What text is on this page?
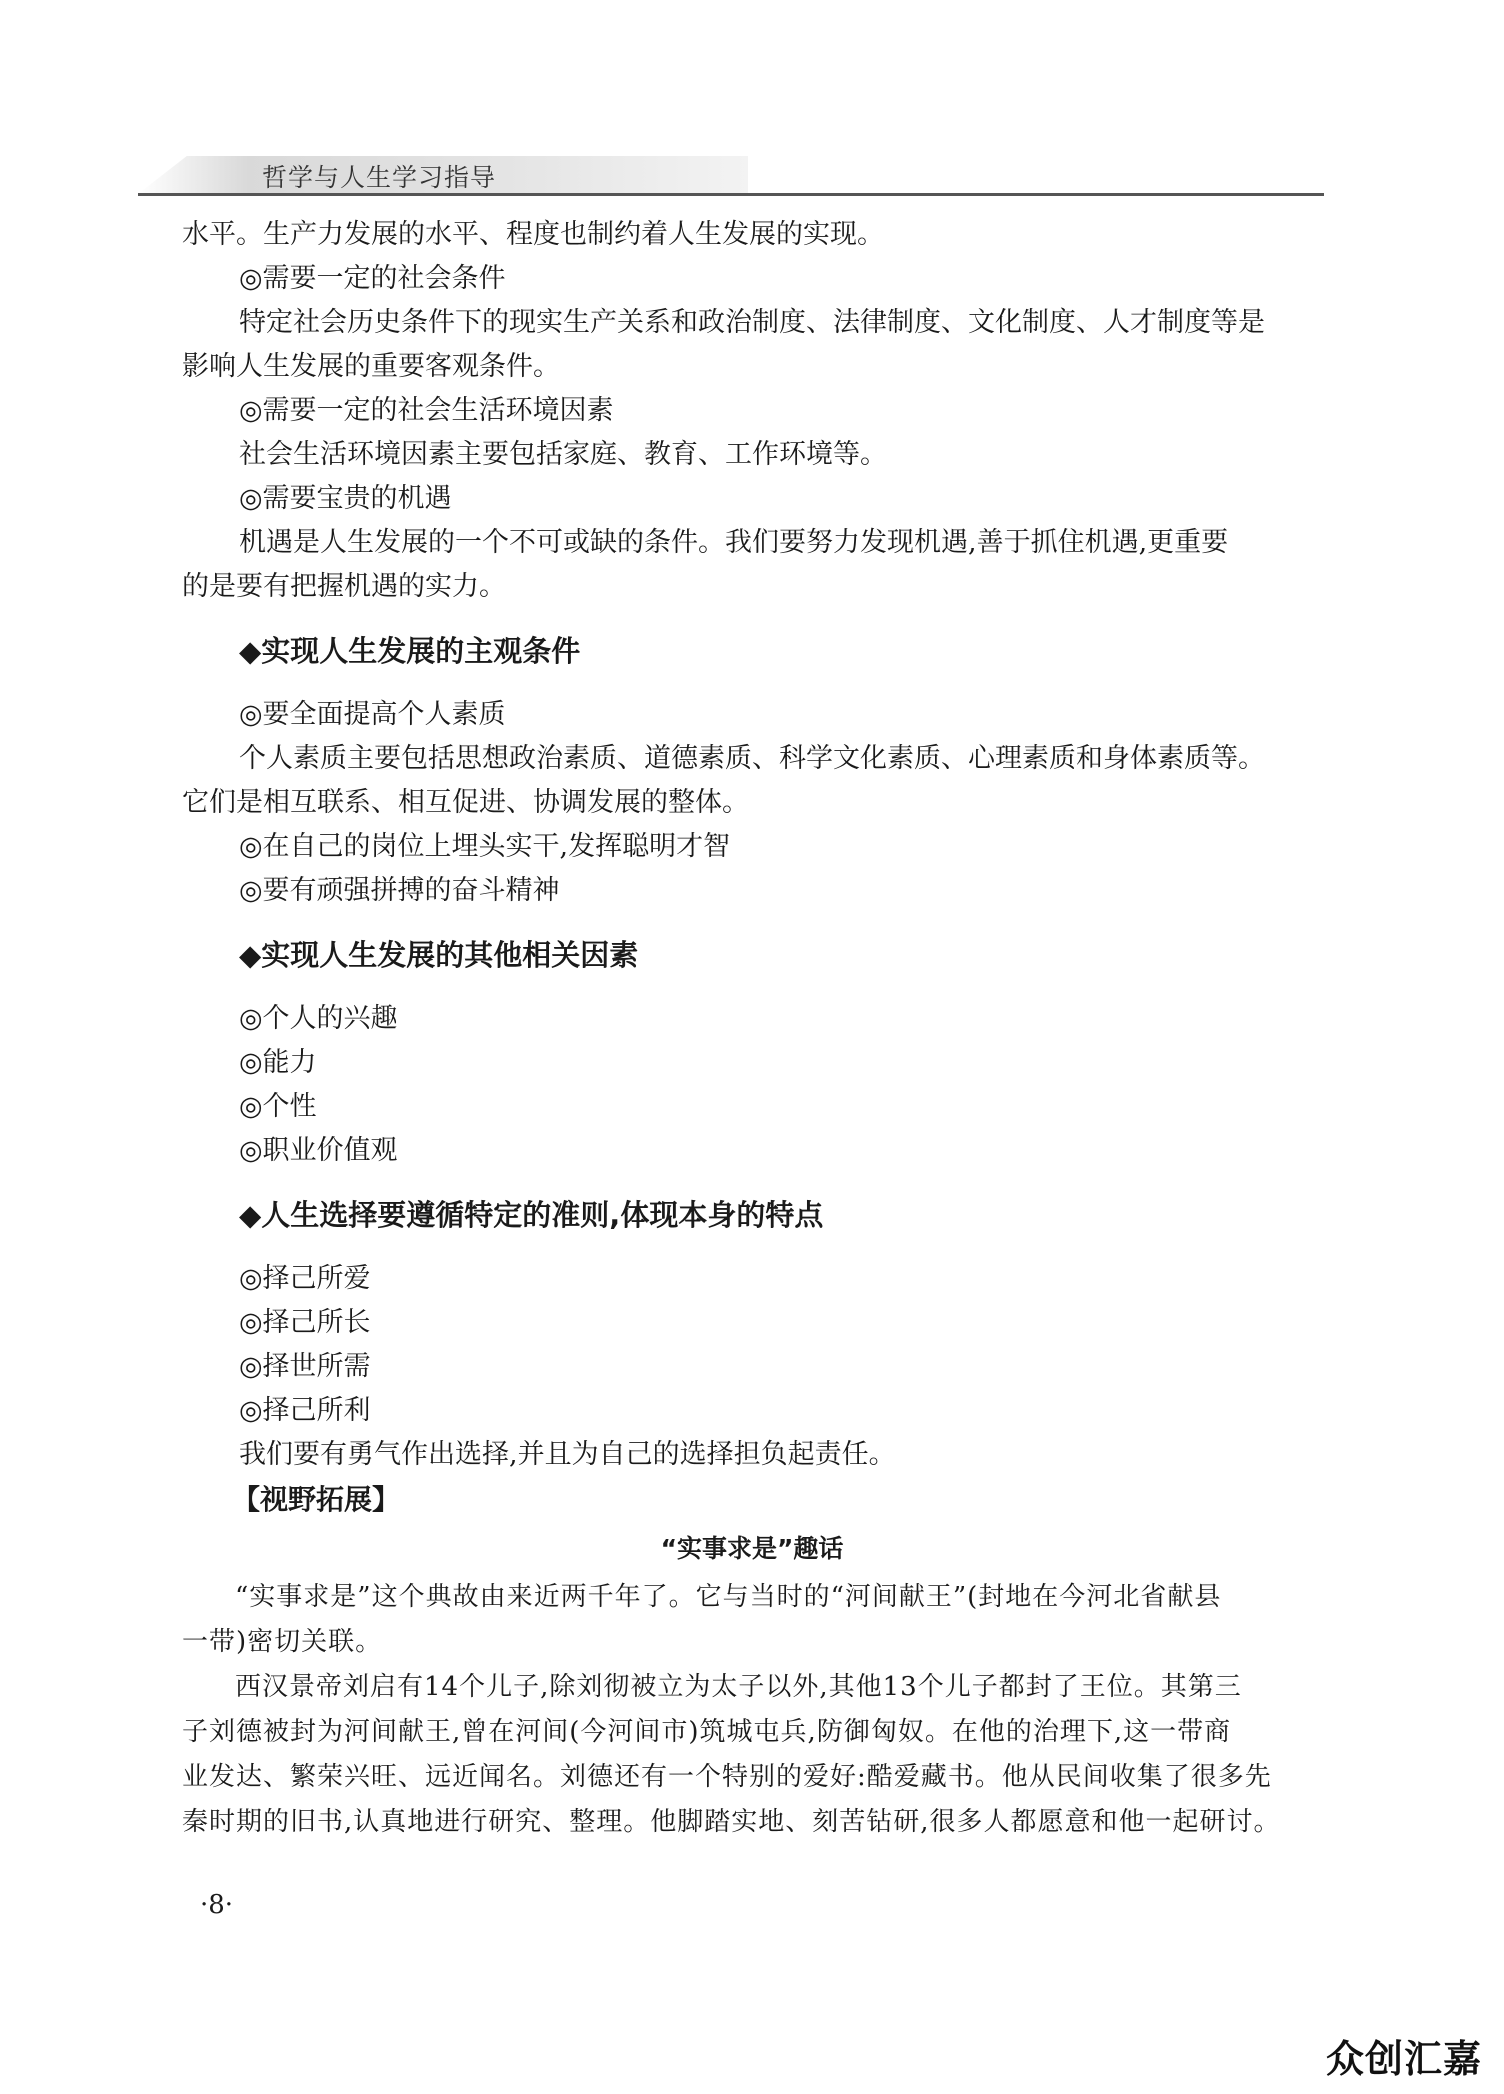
哲学与人生学习指导
水平。生产力发展的水平、程度也制约着人生发展的实现。
◎需要一定的社会条件
特定社会历史条件下的现实生产关系和政治制度、法律制度、文化制度、人才制度等是
影响人生发展的重要客观条件。
◎需要一定的社会生活环境因素
社会生活环境因素主要包括家庭、教育、工作环境等。
◎需要宝贵的机遇
机遇是人生发展的一个不可或缺的条件。我们要努力发现机遇,善于抓住机遇,更重要
的是要有把握机遇的实力。
◆实现人生发展的主观条件
◎要全面提高个人素质
个人素质主要包括思想政治素质、道德素质、科学文化素质、心理素质和身体素质等。
它们是相互联系、相互促进、协调发展的整体。
◎在自己的岗位上埋头实干,发挥聪明才智
◎要有顽强拼搏的奋斗精神
◆实现人生发展的其他相关因素
◎个人的兴趣
◎能力
◎个性
◎职业价值观
◆人生选择要遵循特定的准则,体现本身的特点
◎择己所爱
◎择己所长
◎择世所需
◎择己所利
我们要有勇气作出选择,并且为自己的选择担负起责任。
【视野拓展】
“实事求是”趣话
“实事求是”这个典故由来近两千年了。它与当时的“河间献王”(封地在今河北省献县
一带)密切关联。
西汉景帝刘启有14个儿子,除刘彻被立为太子以外,其他13个儿子都封了王位。其第三
子刘德被封为河间献王,曾在河间(今河间市)筑城屯兵,防御匈奴。在他的治理下,这一带商
业发达、繁荣兴旺、远近闻名。刘德还有一个特别的爱好:酷爱藏书。他从民间收集了很多先
秦时期的旧书,认真地进行研究、整理。他脚踏实地、刻苦钻研,很多人都愿意和他一起研讨。
·8·
众创汇嘉
